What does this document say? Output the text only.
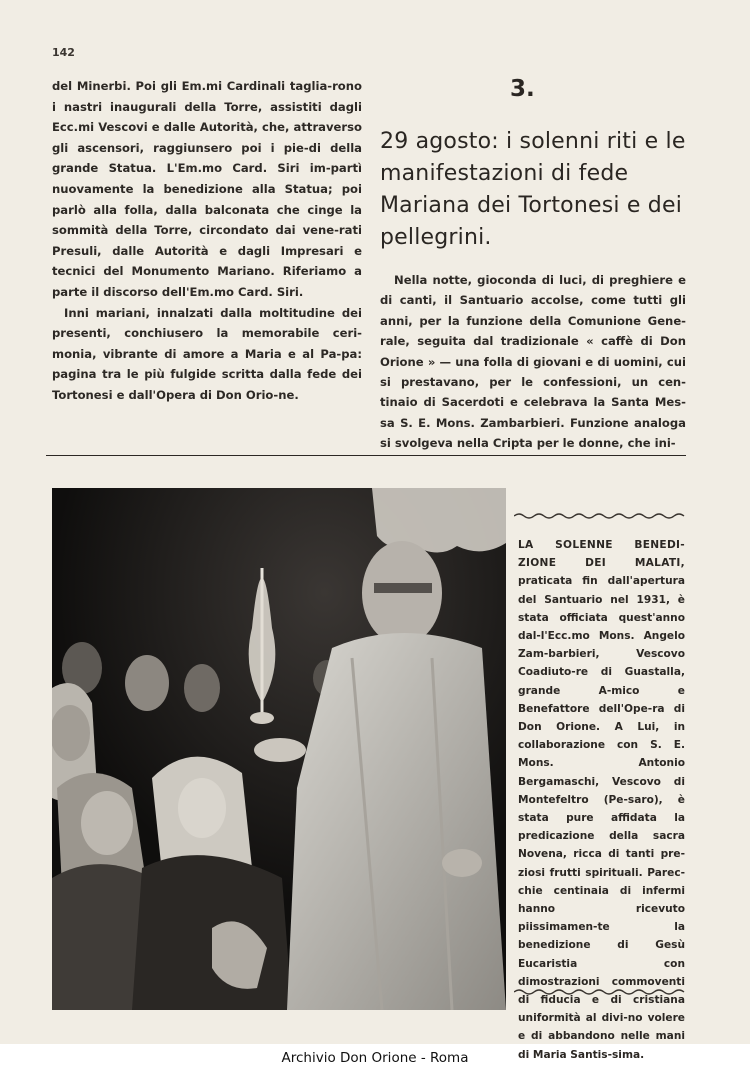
142

del Minerbi. Poi gli Em.mi Cardinali taglia-rono i nastri inaugurali della Torre, assistiti dagli Ecc.mi Vescovi e dalle Autorità, che, attraverso gli ascensori, raggiunsero poi i pie-di della grande Statua. L'Em.mo Card. Siri im-partì nuovamente la benedizione alla Statua; poi parlò alla folla, dalla balconata che cinge la sommità della Torre, circondato dai vene-rati Presuli, dalle Autorità e dagli Impresari e tecnici del Monumento Mariano. Riferiamo a parte il discorso dell'Em.mo Card. Siri.

Inni mariani, innalzati dalla moltitudine dei presenti, conchiusero la memorabile ceri-monia, vibrante di amore a Maria e al Pa-pa: pagina tra le più fulgide scritta dalla fede dei Tortonesi e dall'Opera di Don Orio-ne.

3.
29 agosto: i solenni riti e le manifestazioni di fede Mariana dei Tortonesi e dei pellegrini.
Nella notte, gioconda di luci, di preghiere e di canti, il Santuario accolse, come tutti gli anni, per la funzione della Comunione Gene-rale, seguita dal tradizionale « caffè di Don Orione » — una folla di giovani e di uomini, cui si prestavano, per le confessioni, un cen-tinaio di Sacerdoti e celebrava la Santa Mes-sa S. E. Mons. Zambarbieri. Funzione analoga si svolgeva nella Cripta per le donne, che ini-
LA SOLENNE BENEDI-ZIONE DEI MALATI, praticata fin dall'apertura del Santuario nel 1931, è stata officiata quest'anno dal-l'Ecc.mo Mons. Angelo Zam-barbieri, Vescovo Coadiuto-re di Guastalla, grande A-mico e Benefattore dell'Ope-ra di Don Orione. A Lui, in collaborazione con S. E. Mons. Antonio Bergamaschi, Vescovo di Montefeltro (Pe-saro), è stata pure affidata la predicazione della sacra Novena, ricca di tanti pre-ziosi frutti spirituali. Parec-chie centinaia di infermi hanno ricevuto piissimamen-te la benedizione di Gesù Eucaristia con dimostrazioni commoventi di fiducia e di cristiana uniformità al divi-no volere e di abbandono nelle mani di Maria Santis-sima.
Archivio Don Orione - Roma
